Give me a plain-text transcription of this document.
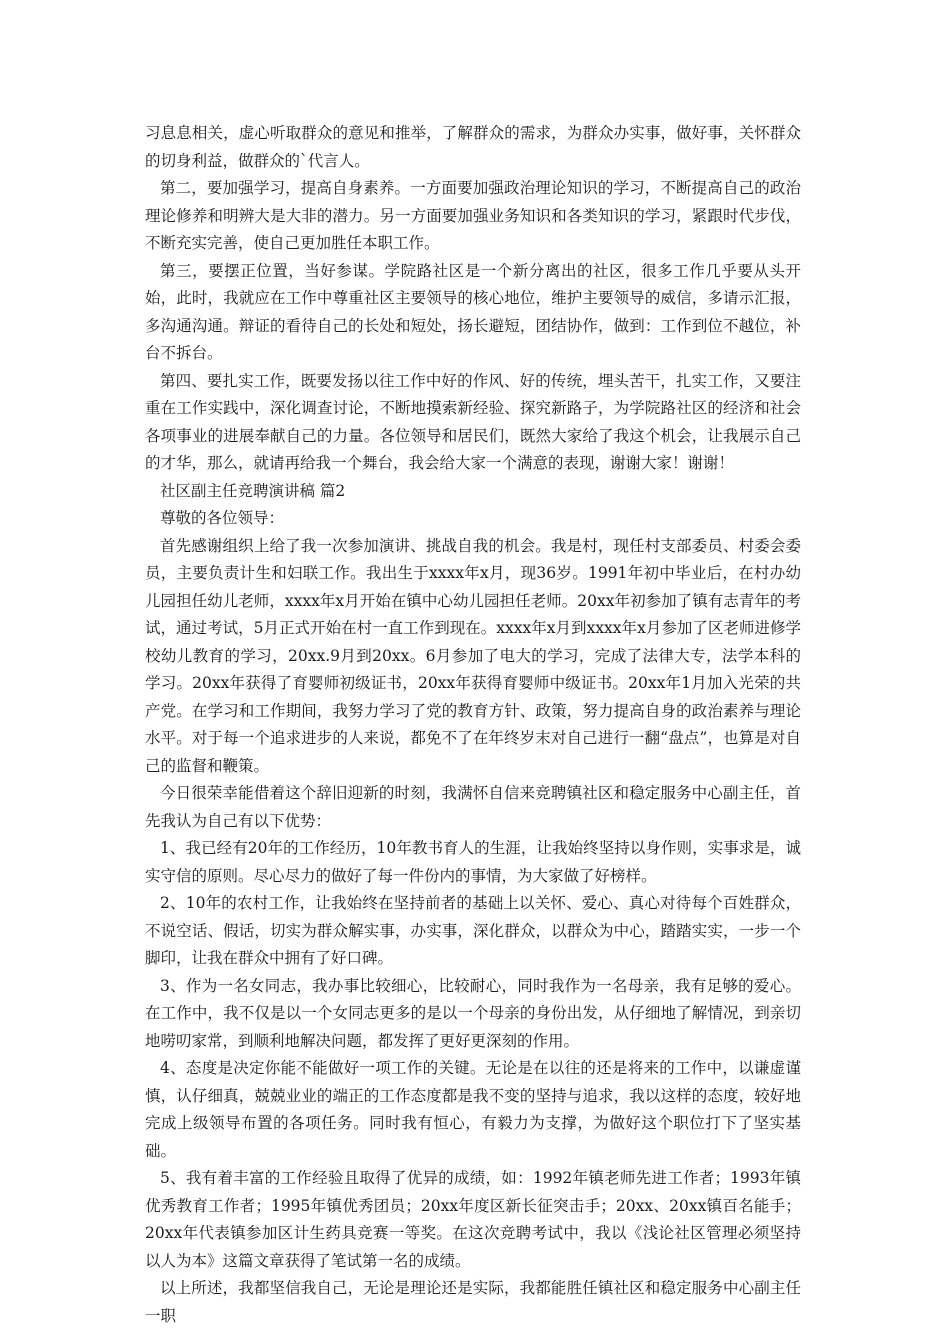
习息息相关，虚心听取群众的意见和推举，了解群众的需求，为群众办实事，做好事，关怀群众的切身利益，做群众的`代言人。

第二，要加强学习，提高自身素养。一方面要加强政治理论知识的学习，不断提高自己的政治理论修养和明辨大是大非的潜力。另一方面要加强业务知识和各类知识的学习，紧跟时代步伐，不断充实完善，使自己更加胜任本职工作。

第三，要摆正位置，当好参谋。学院路社区是一个新分离出的社区，很多工作几乎要从头开始，此时，我就应在工作中尊重社区主要领导的核心地位，维护主要领导的威信，多请示汇报，多沟通沟通。辩证的看待自己的长处和短处，扬长避短，团结协作，做到：工作到位不越位，补台不拆台。

第四、要扎实工作，既要发扬以往工作中好的作风、好的传统，埋头苦干，扎实工作，又要注重在工作实践中，深化调查讨论，不断地摸索新经验、探究新路子，为学院路社区的经济和社会各项事业的进展奉献自己的力量。各位领导和居民们，既然大家给了我这个机会，让我展示自己的才华，那么，就请再给我一个舞台，我会给大家一个满意的表现，谢谢大家！谢谢！

社区副主任竞聘演讲稿 篇2

尊敬的各位领导：

首先感谢组织上给了我一次参加演讲、挑战自我的机会。我是村，现任村支部委员、村委会委员，主要负责计生和妇联工作。我出生于xxxx年x月，现36岁。1991年初中毕业后，在村办幼儿园担任幼儿老师，xxxx年x月开始在镇中心幼儿园担任老师。20xx年初参加了镇有志青年的考试，通过考试，5月正式开始在村一直工作到现在。xxxx年x月到xxxx年x月参加了区老师进修学校幼儿教育的学习，20xx.9月到20xx。6月参加了电大的学习，完成了法律大专，法学本科的学习。20xx年获得了育婴师初级证书，20xx年获得育婴师中级证书。20xx年1月加入光荣的共产党。在学习和工作期间，我努力学习了党的教育方针、政策，努力提高自身的政治素养与理论水平。对于每一个追求进步的人来说，都免不了在年终岁末对自己进行一翻“盘点”，也算是对自己的监督和鞭策。

今日很荣幸能借着这个辞旧迎新的时刻，我满怀自信来竞聘镇社区和稳定服务中心副主任，首先我认为自己有以下优势：

1、我已经有20年的工作经历，10年教书育人的生涯，让我始终坚持以身作则，实事求是，诚实守信的原则。尽心尽力的做好了每一件份内的事情，为大家做了好榜样。

2、10年的农村工作，让我始终在坚持前者的基础上以关怀、爱心、真心对待每个百姓群众，不说空话、假话，切实为群众解实事，办实事，深化群众，以群众为中心，踏踏实实，一步一个脚印，让我在群众中拥有了好口碑。

3、作为一名女同志，我办事比较细心，比较耐心，同时我作为一名母亲，我有足够的爱心。在工作中，我不仅是以一个女同志更多的是以一个母亲的身份出发，从仔细地了解情况，到亲切地唠叨家常，到顺利地解决问题，都发挥了更好更深刻的作用。

4、态度是决定你能不能做好一项工作的关键。无论是在以往的还是将来的工作中，以谦虚谨慎，认仔细真，兢兢业业的端正的工作态度都是我不变的坚持与追求，我以这样的态度，较好地完成上级领导布置的各项任务。同时我有恒心，有毅力为支撑，为做好这个职位打下了坚实基础。

5、我有着丰富的工作经验且取得了优异的成绩，如：1992年镇老师先进工作者；1993年镇优秀教育工作者；1995年镇优秀团员；20xx年度区新长征突击手；20xx、20xx镇百名能手；20xx年代表镇参加区计生药具竞赛一等奖。在这次竞聘考试中，我以《浅论社区管理必须坚持以人为本》这篇文章获得了笔试第一名的成绩。

以上所述，我都坚信我自己，无论是理论还是实际，我都能胜任镇社区和稳定服务中心副主任一职
